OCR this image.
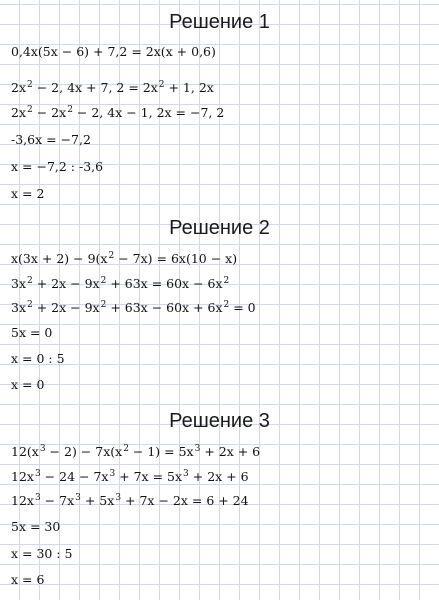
Решение 1
0,4x(5x − 6) + 7,2 = 2x(x + 0,6)
$2x^2 - 2$, 4x + 7, $2 = 2x^2 + 1$, 2x
$2x^2 - 2x^2 - 2$, 4x − 1, 2x = −7, 2
-3,6x = −7,2
x = −7,2 : -3,6
x = 2
Решение 2
$x(3x + 2) - 9(x^2 - 7x) = 6x(10 - x)$
$3x^2 + 2x - 9x^2 + 63x = 60x - 6x^2$
$3x^2 + 2x - 9x^2 + 63x - 60x + 6x^2 = 0$
5x = 0
x = 0 : 5
x = 0
Решение 3
$12(x^3 - 2) - 7x(x^2 - 1) = 5x^3 + 2x + 6$
$12x^3 - 24 - 7x^3 + 7x = 5x^3 + 2x + 6$
$12x^3 - 7x^3 + 5x^3 + 7x - 2x = 6 + 24$
5x = 30
x = 30 : 5
x = 6
